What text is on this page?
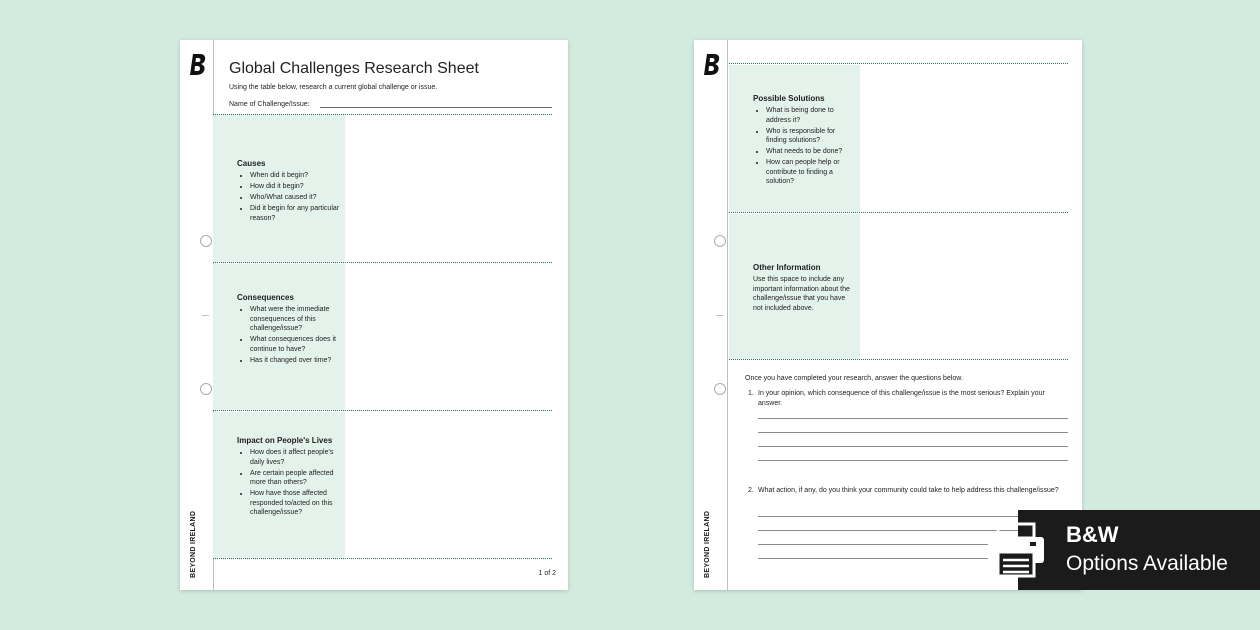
BEYOND IRELAND
Global Challenges Research Sheet
Using the table below, research a current global challenge or issue.
Name of Challenge/Issue:
Causes
• When did it begin?
• How did it begin?
• Who/What caused it?
• Did it begin for any particular reason?
Consequences
• What were the immediate consequences of this challenge/issue?
• What consequences does it continue to have?
• Has it changed over time?
Impact on People's Lives
• How does it affect people's daily lives?
• Are certain people affected more than others?
• How have those affected responded to/acted on this challenge/issue?
1 of 2	BEYOND IRELAND
Possible Solutions
• What is being done to address it?
• Who is responsible for finding solutions?
• What needs to be done?
• How can people help or contribute to finding a solution?
Other Information

Use this space to include any important information about the challenge/issue that you have not included above.

Once you have completed your research, answer the questions below.
1. In your opinion, which consequence of this challenge/issue is the most serious? Explain your answer.
2. What action, if any, do you think your community could take to help address this challenge/issue?
B&W
Options Available
